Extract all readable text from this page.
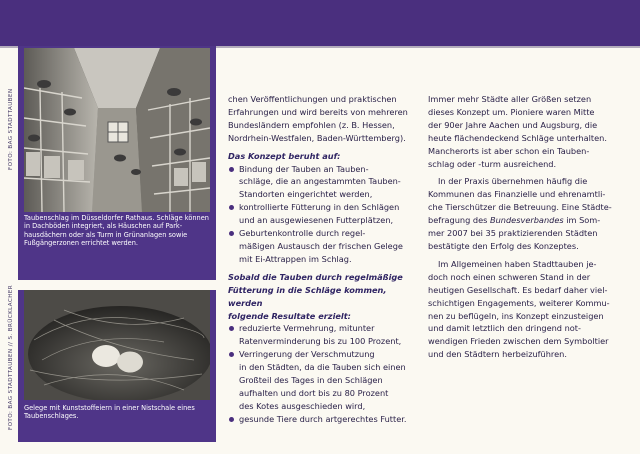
FOTO: BAG STADTTAUBEN
FOTO: BAG STADTTAUBEN // S. BRÜCKLACHER
Taubenschlag im Düsseldorfer Rathaus. Schläge können
in Dachböden integriert, als Häuschen auf Park-
hausdächern oder als Turm in Grünanlagen sowie
Fußgängerzonen errichtet werden.
Gelege mit Kunststoffeiern in einer Nistschale eines
Taubenschlages.

chen Veröffentlichungen und praktischen
Erfahrungen und wird bereits von mehreren
Bundesländern empfohlen (z. B. Hessen,
Nordrhein-Westfalen, Baden-Württemberg).

Das Konzept beruht auf:

Bindung der Tauben an Tauben-
schläge, die an angestammten Tauben-
Standorten eingerichtet werden,
kontrollierte Fütterung in den Schlägen
und an ausgewiesenen Futterplätzen,
Geburtenkontrolle durch regel-
mäßigen Austausch der frischen Gelege
mit Ei-Attrappen im Schlag.

Sobald die Tauben durch regelmäßige
Fütterung in die Schläge kommen, werden
folgende Resultate erzielt:

reduzierte Vermehrung, mitunter
Ratenverminderung bis zu 100 Prozent,
Verringerung der Verschmutzung
in den Städten, da die Tauben sich einen
Großteil des Tages in den Schlägen
aufhalten und dort bis zu 80 Prozent
des Kotes ausgeschieden wird,
gesunde Tiere durch artgerechtes Futter.

Immer mehr Städte aller Größen setzen
dieses Konzept um. Pioniere waren Mitte
der 90er Jahre Aachen und Augsburg, die
heute flächendeckend Schläge unterhalten.
Mancherorts ist aber schon ein Tauben-
schlag oder -turm ausreichend.

In der Praxis übernehmen häufig die
Kommunen das Finanzielle und ehrenamtli-
che Tierschützer die Betreuung. Eine Städte-
befragung des Bundesverbandes im Som-
mer 2007 bei 35 praktizierenden Städten
bestätigte den Erfolg des Konzeptes.

Im Allgemeinen haben Stadttauben je-
doch noch einen schweren Stand in der
heutigen Gesellschaft. Es bedarf daher viel-
schichtigen Engagements, weiterer Kommu-
nen zu beflügeln, ins Konzept einzusteigen
und damit letztlich den dringend not-
wendigen Frieden zwischen dem Symboltier
und den Städtern herbeizuführen.
